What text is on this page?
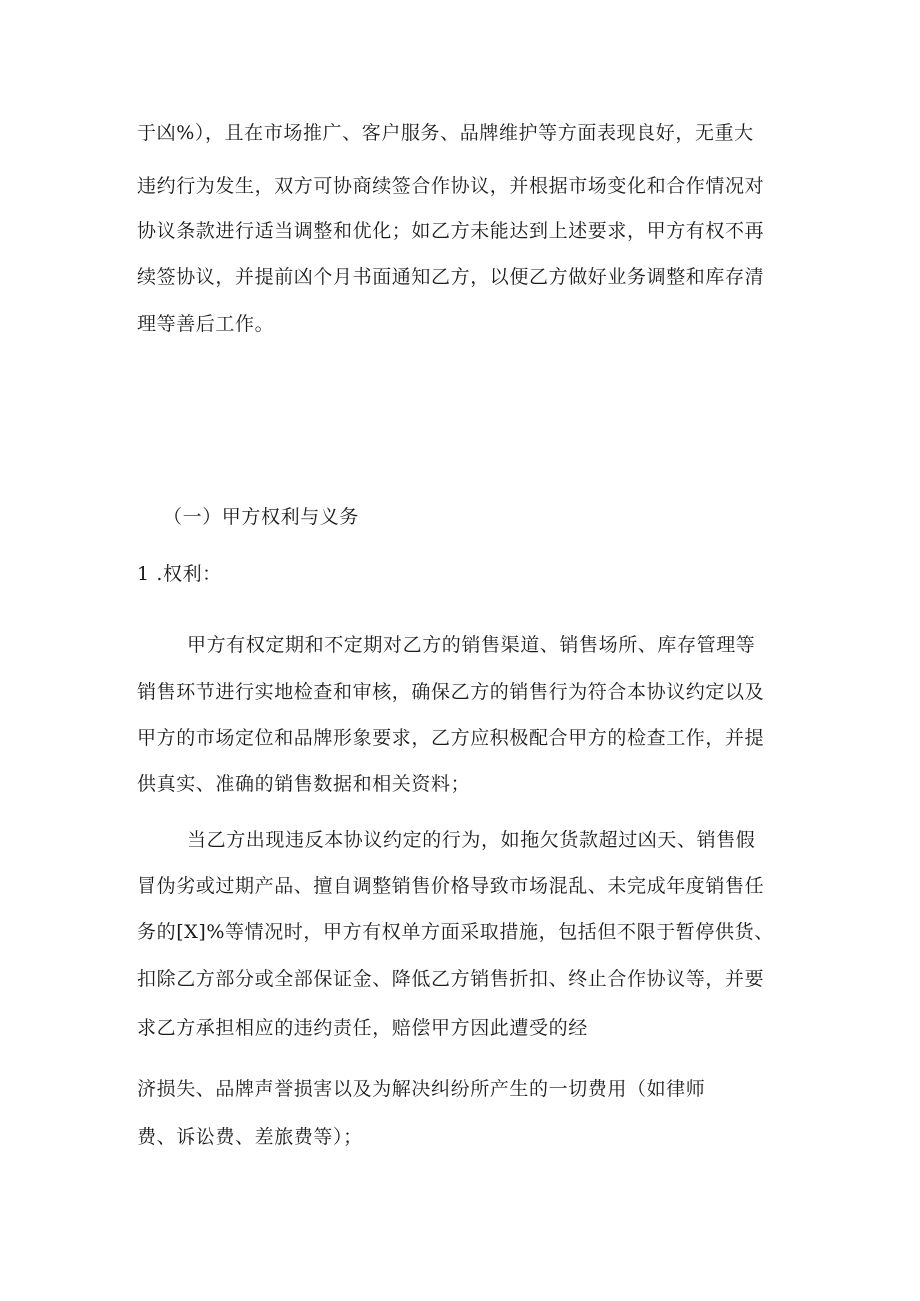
于凶%），且在市场推广、客户服务、品牌维护等方面表现良好，无重大
违约行为发生，双方可协商续签合作协议，并根据市场变化和合作情况对
协议条款进行适当调整和优化；如乙方未能达到上述要求，甲方有权不再
续签协议，并提前凶个月书面通知乙方，以便乙方做好业务调整和库存清
理等善后工作。
（一）甲方权利与义务
1 .权利：
甲方有权定期和不定期对乙方的销售渠道、销售场所、库存管理等
销售环节进行实地检查和审核，确保乙方的销售行为符合本协议约定以及
甲方的市场定位和品牌形象要求，乙方应积极配合甲方的检查工作，并提
供真实、准确的销售数据和相关资料；
当乙方出现违反本协议约定的行为，如拖欠货款超过凶天、销售假
冒伪劣或过期产品、擅自调整销售价格导致市场混乱、未完成年度销售任
务的[X]%等情况时，甲方有权单方面采取措施，包括但不限于暂停供货、
扣除乙方部分或全部保证金、降低乙方销售折扣、终止合作协议等，并要
求乙方承担相应的违约责任，赔偿甲方因此遭受的经
济损失、品牌声誉损害以及为解决纠纷所产生的一切费用（如律师
费、诉讼费、差旅费等）；
